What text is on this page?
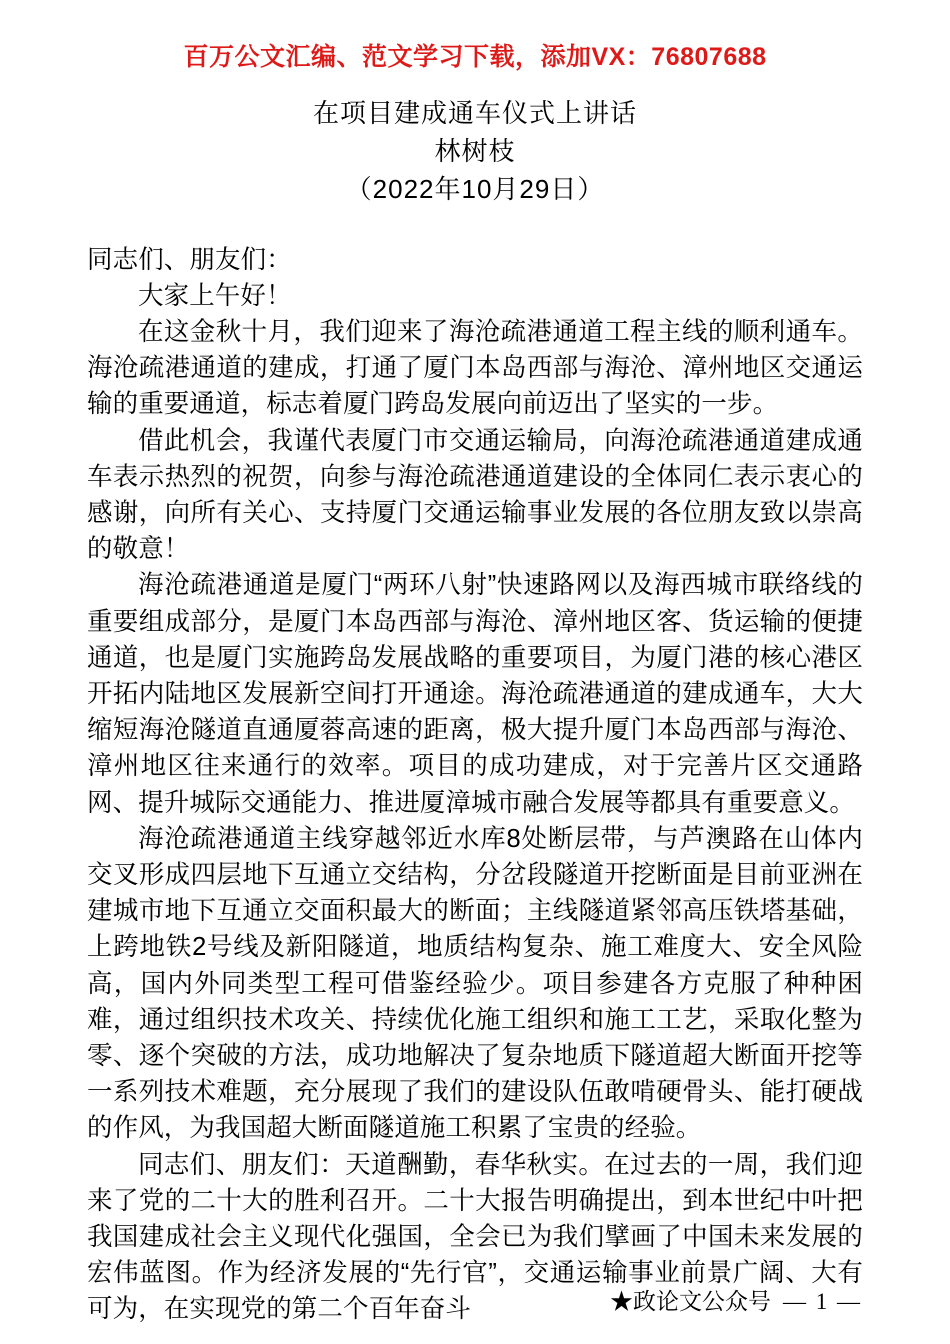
百万公文汇编、范文学习下载，添加VX：76807688
在项目建成通车仪式上讲话
林树枝
（2022年10月29日）

同志们、朋友们：

大家上午好！

在这金秋十月，我们迎来了海沧疏港通道工程主线的顺利通车。海沧疏港通道的建成，打通了厦门本岛西部与海沧、漳州地区交通运输的重要通道，标志着厦门跨岛发展向前迈出了坚实的一步。

借此机会，我谨代表厦门市交通运输局，向海沧疏港通道建成通车表示热烈的祝贺，向参与海沧疏港通道建设的全体同仁表示衷心的感谢，向所有关心、支持厦门交通运输事业发展的各位朋友致以崇高的敬意！

海沧疏港通道是厦门“两环八射”快速路网以及海西城市联络线的重要组成部分，是厦门本岛西部与海沧、漳州地区客、货运输的便捷通道，也是厦门实施跨岛发展战略的重要项目，为厦门港的核心港区开拓内陆地区发展新空间打开通途。海沧疏港通道的建成通车，大大缩短海沧隧道直通厦蓉高速的距离，极大提升厦门本岛西部与海沧、漳州地区往来通行的效率。项目的成功建成，对于完善片区交通路网、提升城际交通能力、推进厦漳城市融合发展等都具有重要意义。

海沧疏港通道主线穿越邻近水库8处断层带，与芦澳路在山体内交叉形成四层地下互通立交结构，分岔段隧道开挖断面是目前亚洲在建城市地下互通立交面积最大的断面；主线隧道紧邻高压铁塔基础，上跨地铁2号线及新阳隧道，地质结构复杂、施工难度大、安全风险高，国内外同类型工程可借鉴经验少。项目参建各方克服了种种困难，通过组织技术攻关、持续优化施工组织和施工工艺，采取化整为零、逐个突破的方法，成功地解决了复杂地质下隧道超大断面开挖等一系列技术难题，充分展现了我们的建设队伍敢啃硬骨头、能打硬战的作风，为我国超大断面隧道施工积累了宝贵的经验。

同志们、朋友们：天道酬勤，春华秋实。在过去的一周，我们迎来了党的二十大的胜利召开。二十大报告明确提出，到本世纪中叶把我国建成社会主义现代化强国，全会已为我们擘画了中国未来发展的宏伟蓝图。作为经济发展的“先行官”，交通运输事业前景广阔、大有可为，在实现党的第二个百年奋斗	★政论文公众号 — 1 —
